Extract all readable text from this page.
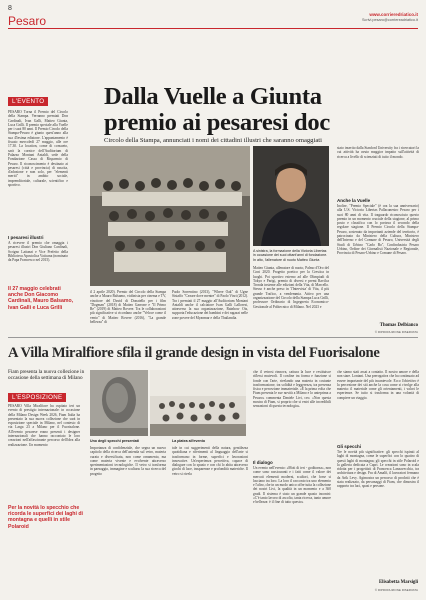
8
Pesaro	www.corrieredriatico.it
Scrivi.pesaro@corriereadriatico.it
L'EVENTO Dalla Vuelle a Giunta
premio ai pesaresi doc
Circolo della Stampa, annunciati i nomi dei cittadini illustri che saranno omaggiati
PESARO Torna il Premio del Circolo della Stampa. Verranno premiati Don Cardinali, Ivan Galli, Matteo Giunta, Luca Grilli. Il premio speciale alla Vuelle per i suoi 80 anni. Il Premio Circolo della Stampa-Pesaro è giunto quest'anno alla sua 45esima edizione. L'appuntamento è fissato mercoledì 27 maggio, alle ore 17.30. La location, come di consueto, sarà la cornice dell'Auditorium di Palazzo Montani Antaldi, sede della Fondazione Cassa di Risparmio di Pesaro. Il riconoscimento è destinato ai pesaresi (città e provincia) di nascita, d'adozione e non solo, per "elementi meriti" in ambito sociale, imprenditoriale, culturale, scientifico e sportivo.
I pesaresi illustri
A ricevere il premio che omaggia i pesaresi illustri Don Giuliano Cardinali, Scrigno Lattanzi e Vice Prefetto della Biblioteca Apostolica Vaticana (nominato da Papa Francesco nel 2015).
Il 27 maggio celebrati anche Don Giacomo Cardinali, Mauro Balsamo, Ivan Galli e Luca Grilli
A sinistra, la formazione della Victoria Libertas in occasione dei suoi ottant'anni di fondazione. In alto, l'allenatore di nuoto Matteo Giunta
il 2 aprile 2020). Premio del Circolo della Stampa anche a Mauro Balsamo, violinista per cinema e TV, vincitore del David di Donatello per i film "Dogman" (2018) di Matteo Garrone e "Il Primo Re" (2019) di Matteo Rovere. Tra le collaborazioni più significative si ricordano anche "Veloce come il vento" di Matteo Rovere (2016), "La grande bellezza" di
Paolo Sorrentino (2013), "Where Oak" di Ugne Sistaffo "Cezare dove mentre" di Paolo Virzi (2012). Tra i premiati il 27 maggio all'Auditorium Montani Antaldi anche il calciatore Ivan Galli Lalloresi, attraverso la sua organizzazione, Rainbow Ots, supporta l'educazione dei bambini e dei ragazzi nelle zone povere del Myanmar e della Thailandia.
Matteo Giunta, allenatore di nuoto, Palmo d'Oro del Coni 2020. Progetto poetico per la Crestica in luoghi. Poi sportivo esterno ad alle Olimpiadi di Tokyo e Parigi, premio di diversi e premi Ravilca Tronda insieme alle edizioni della Vita, di Marcello. Stesso è anche preso in 'l'Intervista' di Vita, il più grande Trafico, a vendemmia. Attivo per una organizzazione del Circolo della Stampa Luca Grilli, professore Ordinario di Ingegneria Economico-Gestionale al Politecnico di Milano. Nel 2023 e
stato inserito dalla Stanford University fra i ricercatori la cui attività ha avuto maggior impatto sull'attività di ricerca a livello di scienziati di tutto il mondo.
Anche la Vuelle
Inoltre, "Premio Speciale" (è ora la sua anniversario) alla U.S. Victoria Libertas Pallacanestro Pesaro per i suoi 80 anni di vita. Il traguardo riconosciuto questo premio in un momento cruciale della stagione, al primo posto e classifica con lo portava il secondo della regolare stagione. Il Premio Circolo della Stampa-Pesaro, sostenuto da importanti aziende del territorio, è patrocinato da Ministero della Cultura, Ministero dell'Interno e del Comune di Pesaro, Università degli Studi di Urbino "Carlo Bo", Confindustria Pesaro Urbino, Ordine dei Giornalisti Nazionale e Regionale, Provincia di Pesaro-Urbino e Comune di Pesaro.
Thomas Delbianco
© RIPRODUZIONE RISERVATA
A Villa Miralfiore sfila il grande design in vista del Fuorisalone
Fiam presenta la nuova collezione in occasione della settimana di Milano
L'ESPOSIZIONE
PESARO Villa Miralfiore ha ospitato ieri un evento di prestigio internazionale: in occasione della Milano Design Week 2026, Fiam Italia ha presentato la sua nuova collezione che sarà in esposizione speciale in Milano, nel contesto di via Larga 23 a Milano per il Fuorisalone. All'evento pesarese erano presenti i designer internazionali che hanno raccontato le loro creazioni nell'affascinante percorso dell'idea alla realizzazione. Un momento
Per la novità lo specchio che ricorda le superfici dei laghi di montagna e quelli in stile Polaroid
Uno degli specchi presentati	La platea all'evento
Importanza di confidenziale, che segna un nuovo capitolo della ricerca dell'azienda sul vetro, materia curata e diversificata, non come ornamento, ma come materia vivente e evolvente attraverso sperimentazioni tecnologiche. Il vetro si trasforma in paesaggio, immagine e scultura: la sua ricerca del progetto
tale in cui suggerimenti della natura, gentilezza quotidiana e riferimenti al linguaggio dell'arte si trasformano in forme, superfici e lavorazioni innovative. Un'esperienza percettiva, capace di dialogare con lo spazio e con chi lo abita attraverso giochi di luce, trasparenze e profondità materiche. Il vetro si rivela
che il vetrosi rinnova, cattura la luce e restituisce riflessi mutevoli. Il confine tra forma e funzione si fonde con l'arte, rivelando una materia in costante trasformazione, tra solidità e leggerezza, tra presenza fisica e percezione immateriale. «È la prima volta che Fiam presenta le sue novità a Milano e lo anteprima a Pesaro» commenta Daniele Livi, ceo. «Non questa mostra di Fiam, si proprio che si entri alle incredibili sensazioni di questa tecnologia».
Il dialogo
Un evento nell'evento: «Moti di ieri - goditorna», non come sono rassicuranti e i fatti come il valore dei mercati elementi moderni, scultori, che forse si lasciano tra loro. La loro il racconto tra uno elemento e l'altro, che in un modo unico offre tutta la collezione dei nostri Livi, la qualità in un momento e a 360 gradi. Il sistema è stato un grande spazio incontri: «C'è tanto lavoro di ascolto, tanta ricerca, tanto amore e bellezza: è il fine di tutto questo»
che siamo stati assai a contatto. Il nostro amore e della non stare. Lontani. Una prerogativa che ha continuato ad essere importante del più incantevole. Ecco l'obiettivo è la percezione dei siti anche la cosa come si rivolge alla materia: il materiale come gli orientamenti, i valori le esperienze. Se tutto si trasforma in una volontà di compiere un viaggio.
Gli specchi
Tre le novità più significative: gli specchi ispirati al laghi di montagna, come le superfici con lo quattro di questi laghi di montagna; gli specchi in stile Polaroid e la galleria dedicata a Capri. Le creazioni sono in scala ridotta per i progettisti di Francesca Lanzavecchia, tra architettura e design. Fra di Amalfi, il lavoratori fermano da Arik Levy. Agimostra un percorso di prodotti che è stata realizzato, da personaggi di Fiam, che dimostra il rapporto tra luci, spazi e persone.
Elisabetta Marsigli
© RIPRODUZIONE RISERVATA
